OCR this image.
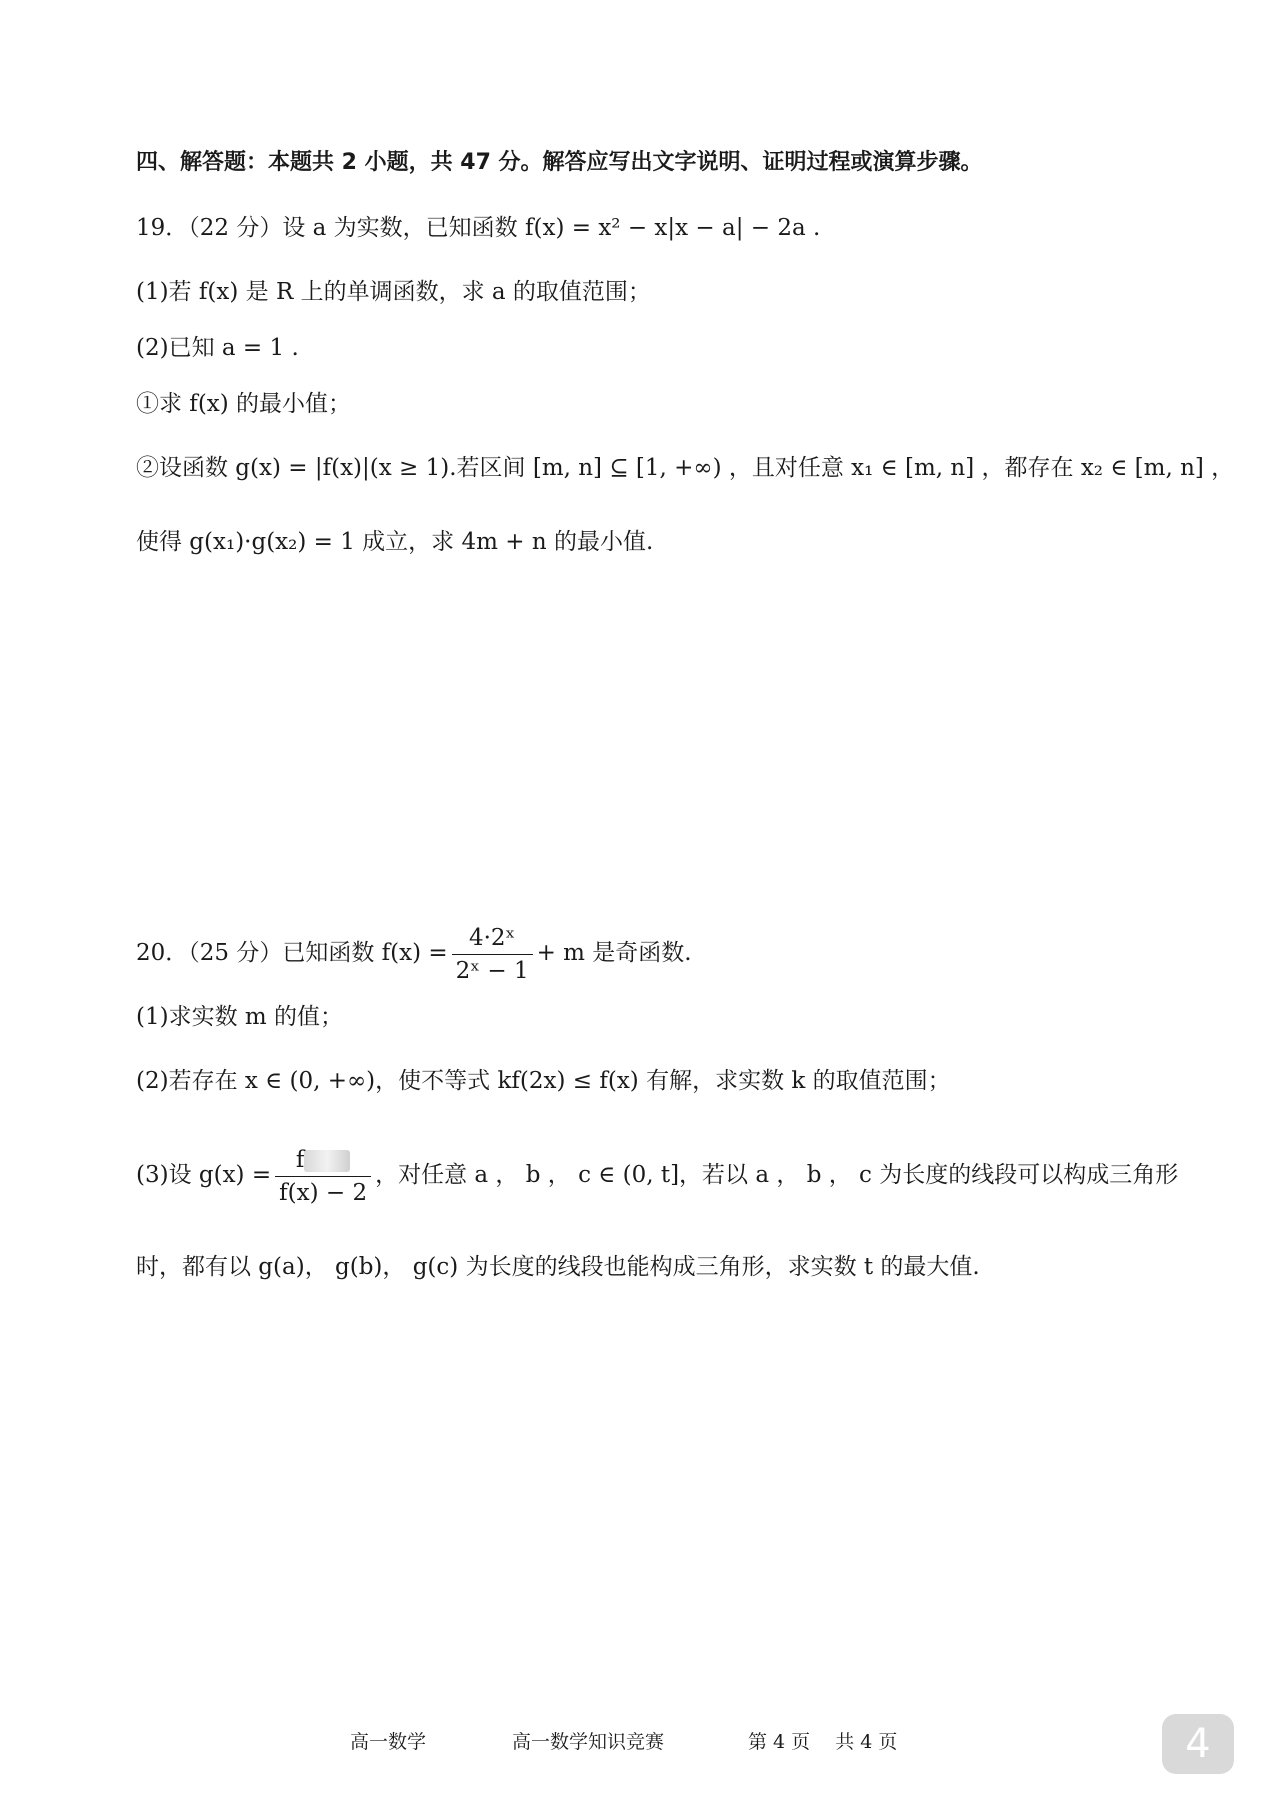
四、解答题：本题共 2 小题，共 47 分。解答应写出文字说明、证明过程或演算步骤。
19．（22 分）设 a 为实数，已知函数 f(x) = x² − x|x − a| − 2a .
(1)若 f(x) 是 R 上的单调函数，求 a 的取值范围；
(2)已知 a = 1 .
①求 f(x) 的最小值；
②设函数 g(x) = |f(x)|(x ≥ 1).若区间 [m, n] ⊆ [1, +∞) ，且对任意 x₁ ∈ [m, n] ，都存在 x₂ ∈ [m, n] ，
使得 g(x₁)·g(x₂) = 1 成立，求 4m + n 的最小值.
20．（25 分）已知函数 $f(x) = \frac{\text{4·2ˣ}}{\text{2ˣ − 1}} + m$ 是奇函数.
(1)求实数 m 的值；
(2)若存在 x ∈ (0, +∞)，使不等式 kf(2x) ≤ f(x) 有解，求实数 k 的取值范围；
(3)设 $g(x) = \frac{f}{f(x) - 2}$ ，对任意 a ， b ， c ∈ (0, t]，若以 a ， b ， c 为长度的线段可以构成三角形
时，都有以 g(a)， g(b)， g(c) 为长度的线段也能构成三角形，求实数 t 的最大值.
高一数学	高一数学知识竞赛	第 4 页　 共 4 页	4
